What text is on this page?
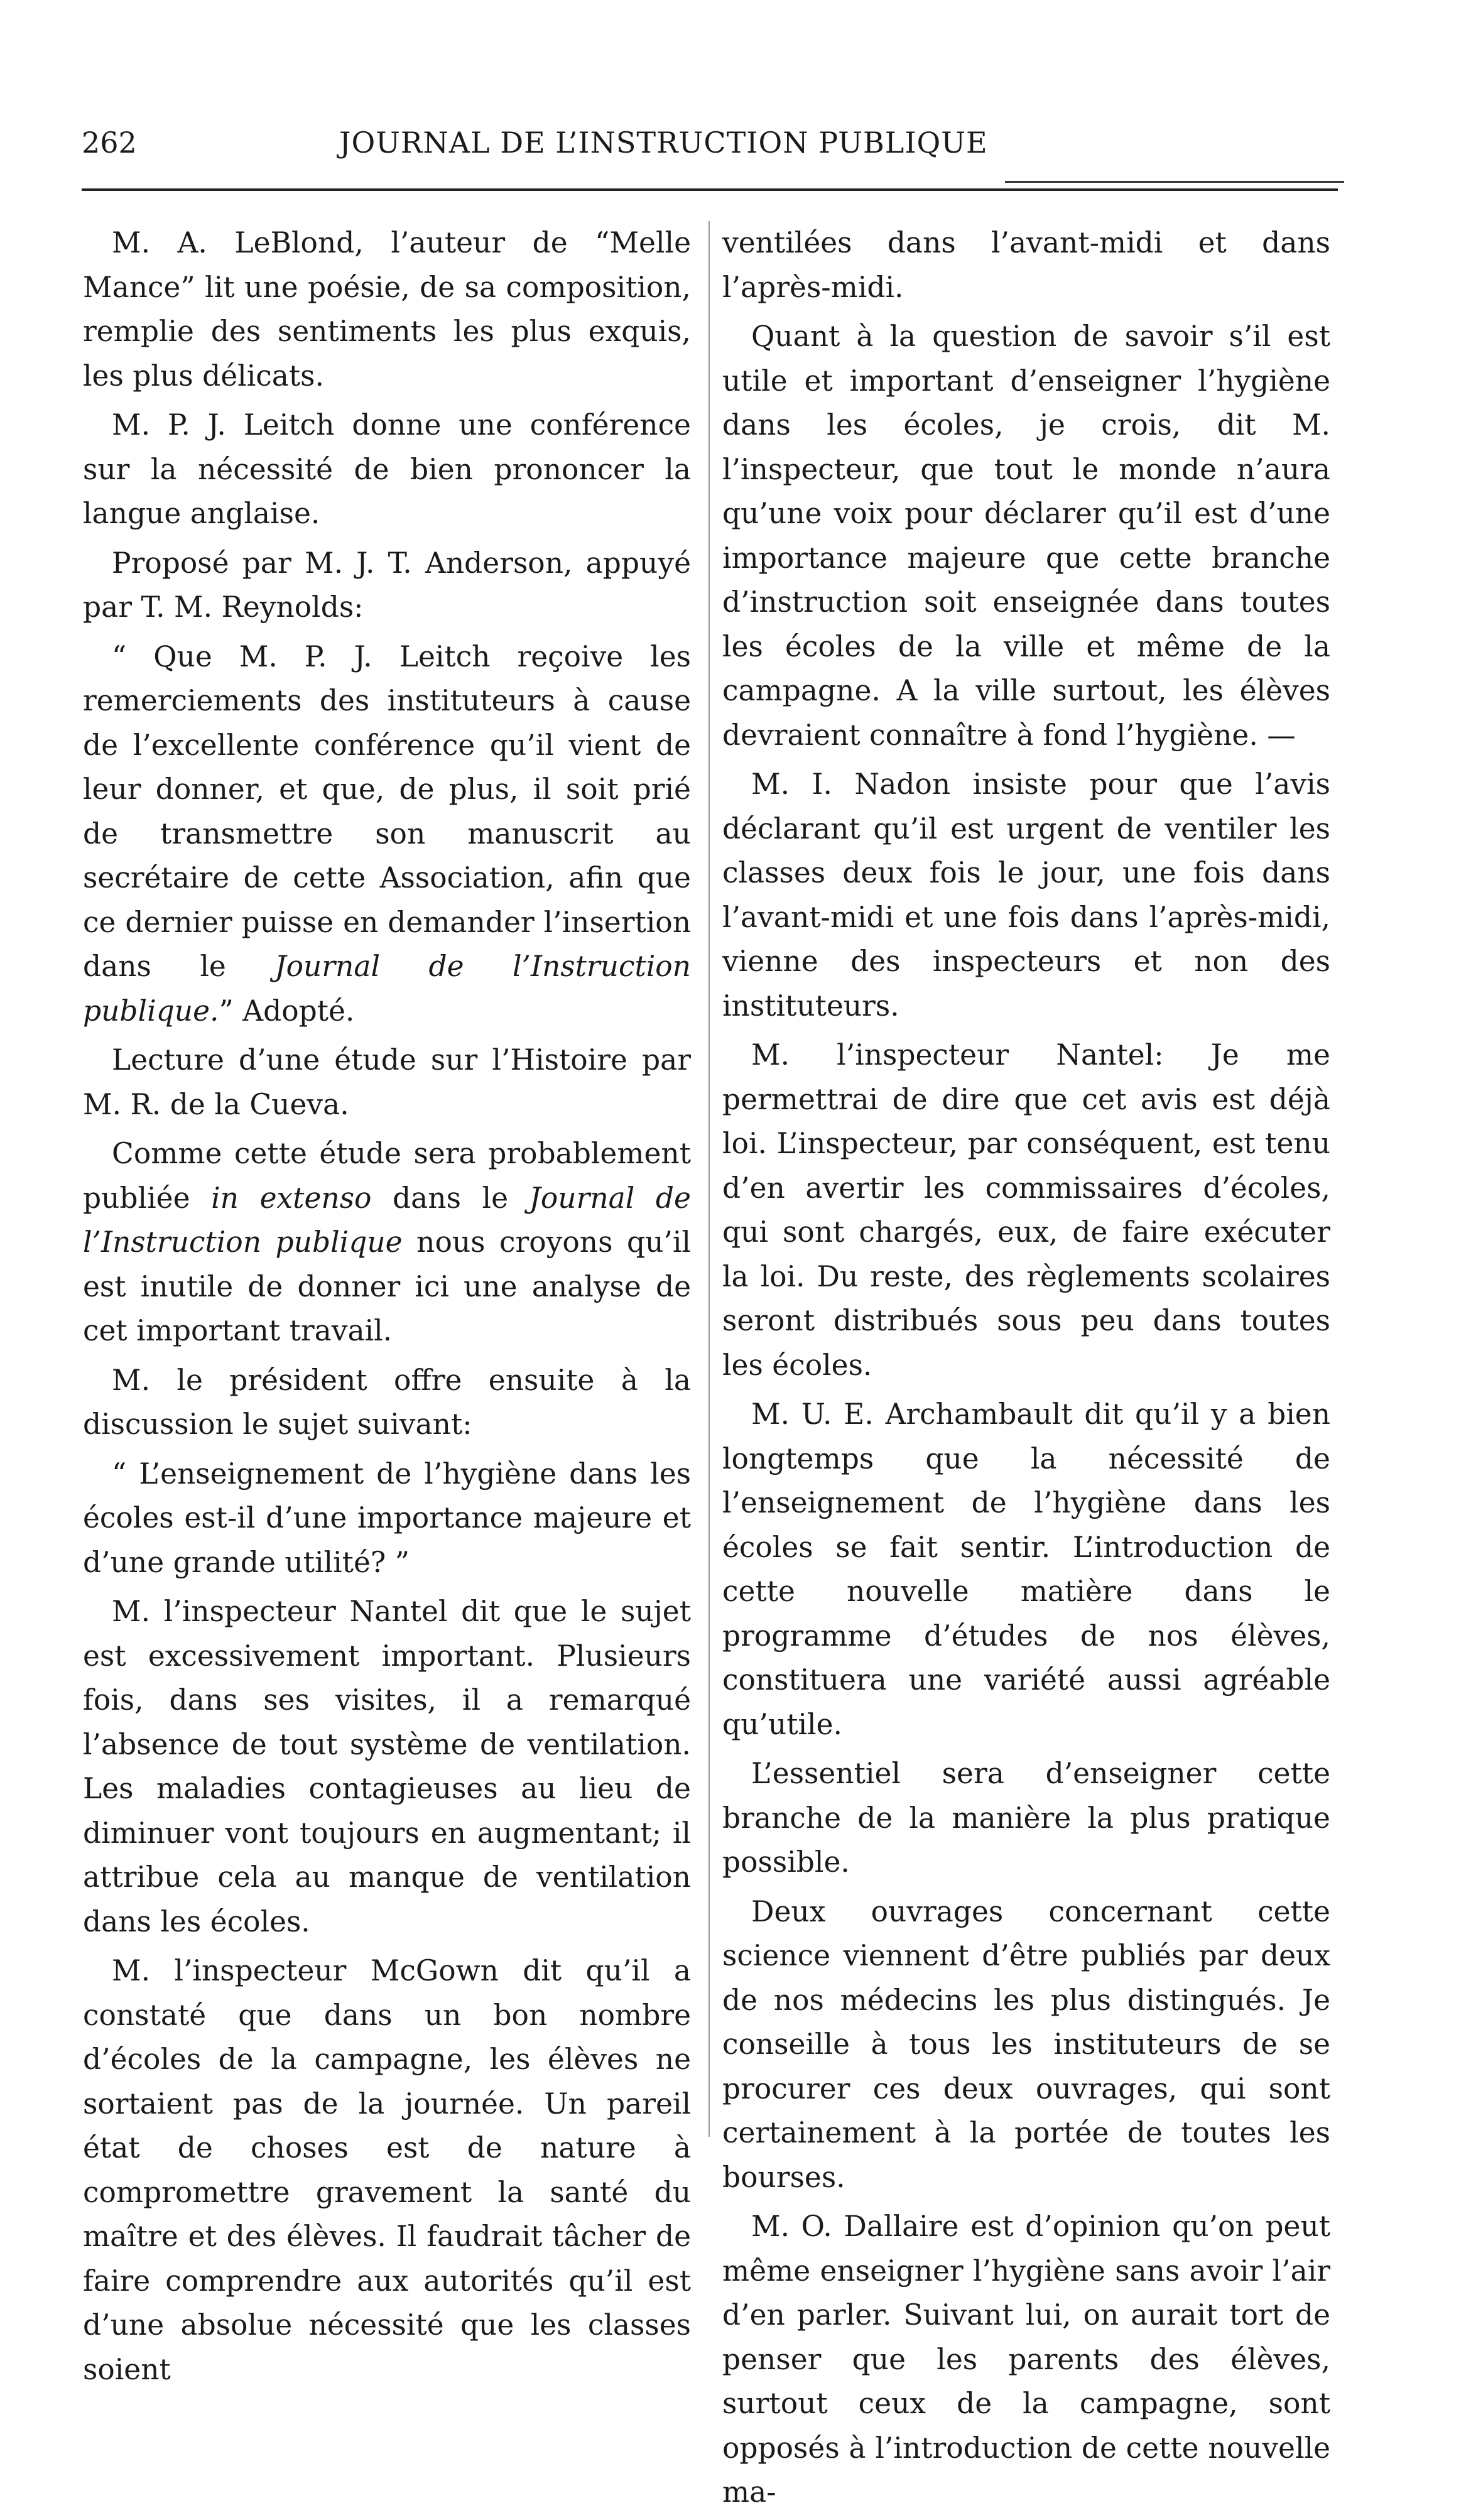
262	JOURNAL DE L’INSTRUCTION PUBLIQUE

M. A. LeBlond, l’auteur de “Melle Mance” lit une poésie, de sa composition, remplie des sentiments les plus exquis, les plus délicats.

M. P. J. Leitch donne une conférence sur la nécessité de bien prononcer la langue anglaise.

Proposé par M. J. T. Anderson, appuyé par T. M. Reynolds:

“ Que M. P. J. Leitch reçoive les remerciements des instituteurs à cause de l’excellente conférence qu’il vient de leur donner, et que, de plus, il soit prié de transmettre son manuscrit au secrétaire de cette Association, afin que ce dernier puisse en demander l’insertion dans le Journal de l’Instruction publique.” Adopté.

Lecture d’une étude sur l’Histoire par M. R. de la Cueva.

Comme cette étude sera probablement publiée in extenso dans le Journal de l’Instruction publique nous croyons qu’il est inutile de donner ici une analyse de cet important travail.

M. le président offre ensuite à la discussion le sujet suivant:

“ L’enseignement de l’hygiène dans les écoles est-il d’une importance majeure et d’une grande utilité? ”

M. l’inspecteur Nantel dit que le sujet est excessivement important. Plusieurs fois, dans ses visites, il a remarqué l’absence de tout système de ventilation. Les maladies contagieuses au lieu de diminuer vont toujours en augmentant; il attribue cela au manque de ventilation dans les écoles.

M. l’inspecteur McGown dit qu’il a constaté que dans un bon nombre d’écoles de la campagne, les élèves ne sortaient pas de la journée. Un pareil état de choses est de nature à compromettre gravement la santé du maître et des élèves. Il faudrait tâcher de faire comprendre aux autorités qu’il est d’une absolue nécessité que les classes soient

ventilées dans l’avant-midi et dans l’après-midi.

Quant à la question de savoir s’il est utile et important d’enseigner l’hygiène dans les écoles, je crois, dit M. l’inspecteur, que tout le monde n’aura qu’une voix pour déclarer qu’il est d’une importance majeure que cette branche d’instruction soit enseignée dans toutes les écoles de la ville et même de la campagne. A la ville surtout, les élèves devraient connaître à fond l’hygiène. —

M. I. Nadon insiste pour que l’avis déclarant qu’il est urgent de ventiler les classes deux fois le jour, une fois dans l’avant-midi et une fois dans l’après-midi, vienne des inspecteurs et non des instituteurs.

M. l’inspecteur Nantel: Je me permettrai de dire que cet avis est déjà loi. L’inspecteur, par conséquent, est tenu d’en avertir les commissaires d’écoles, qui sont chargés, eux, de faire exécuter la loi. Du reste, des règlements scolaires seront distribués sous peu dans toutes les écoles.

M. U. E. Archambault dit qu’il y a bien longtemps que la nécessité de l’enseignement de l’hygiène dans les écoles se fait sentir. L’introduction de cette nouvelle matière dans le programme d’études de nos élèves, constituera une variété aussi agréable qu’utile.

L’essentiel sera d’enseigner cette branche de la manière la plus pratique possible.

Deux ouvrages concernant cette science viennent d’être publiés par deux de nos médecins les plus distingués. Je conseille à tous les instituteurs de se procurer ces deux ouvrages, qui sont certainement à la portée de toutes les bourses.

M. O. Dallaire est d’opinion qu’on peut même enseigner l’hygiène sans avoir l’air d’en parler. Suivant lui, on aurait tort de penser que les parents des élèves, surtout ceux de la campagne, sont opposés à l’introduction de cette nouvelle ma-
